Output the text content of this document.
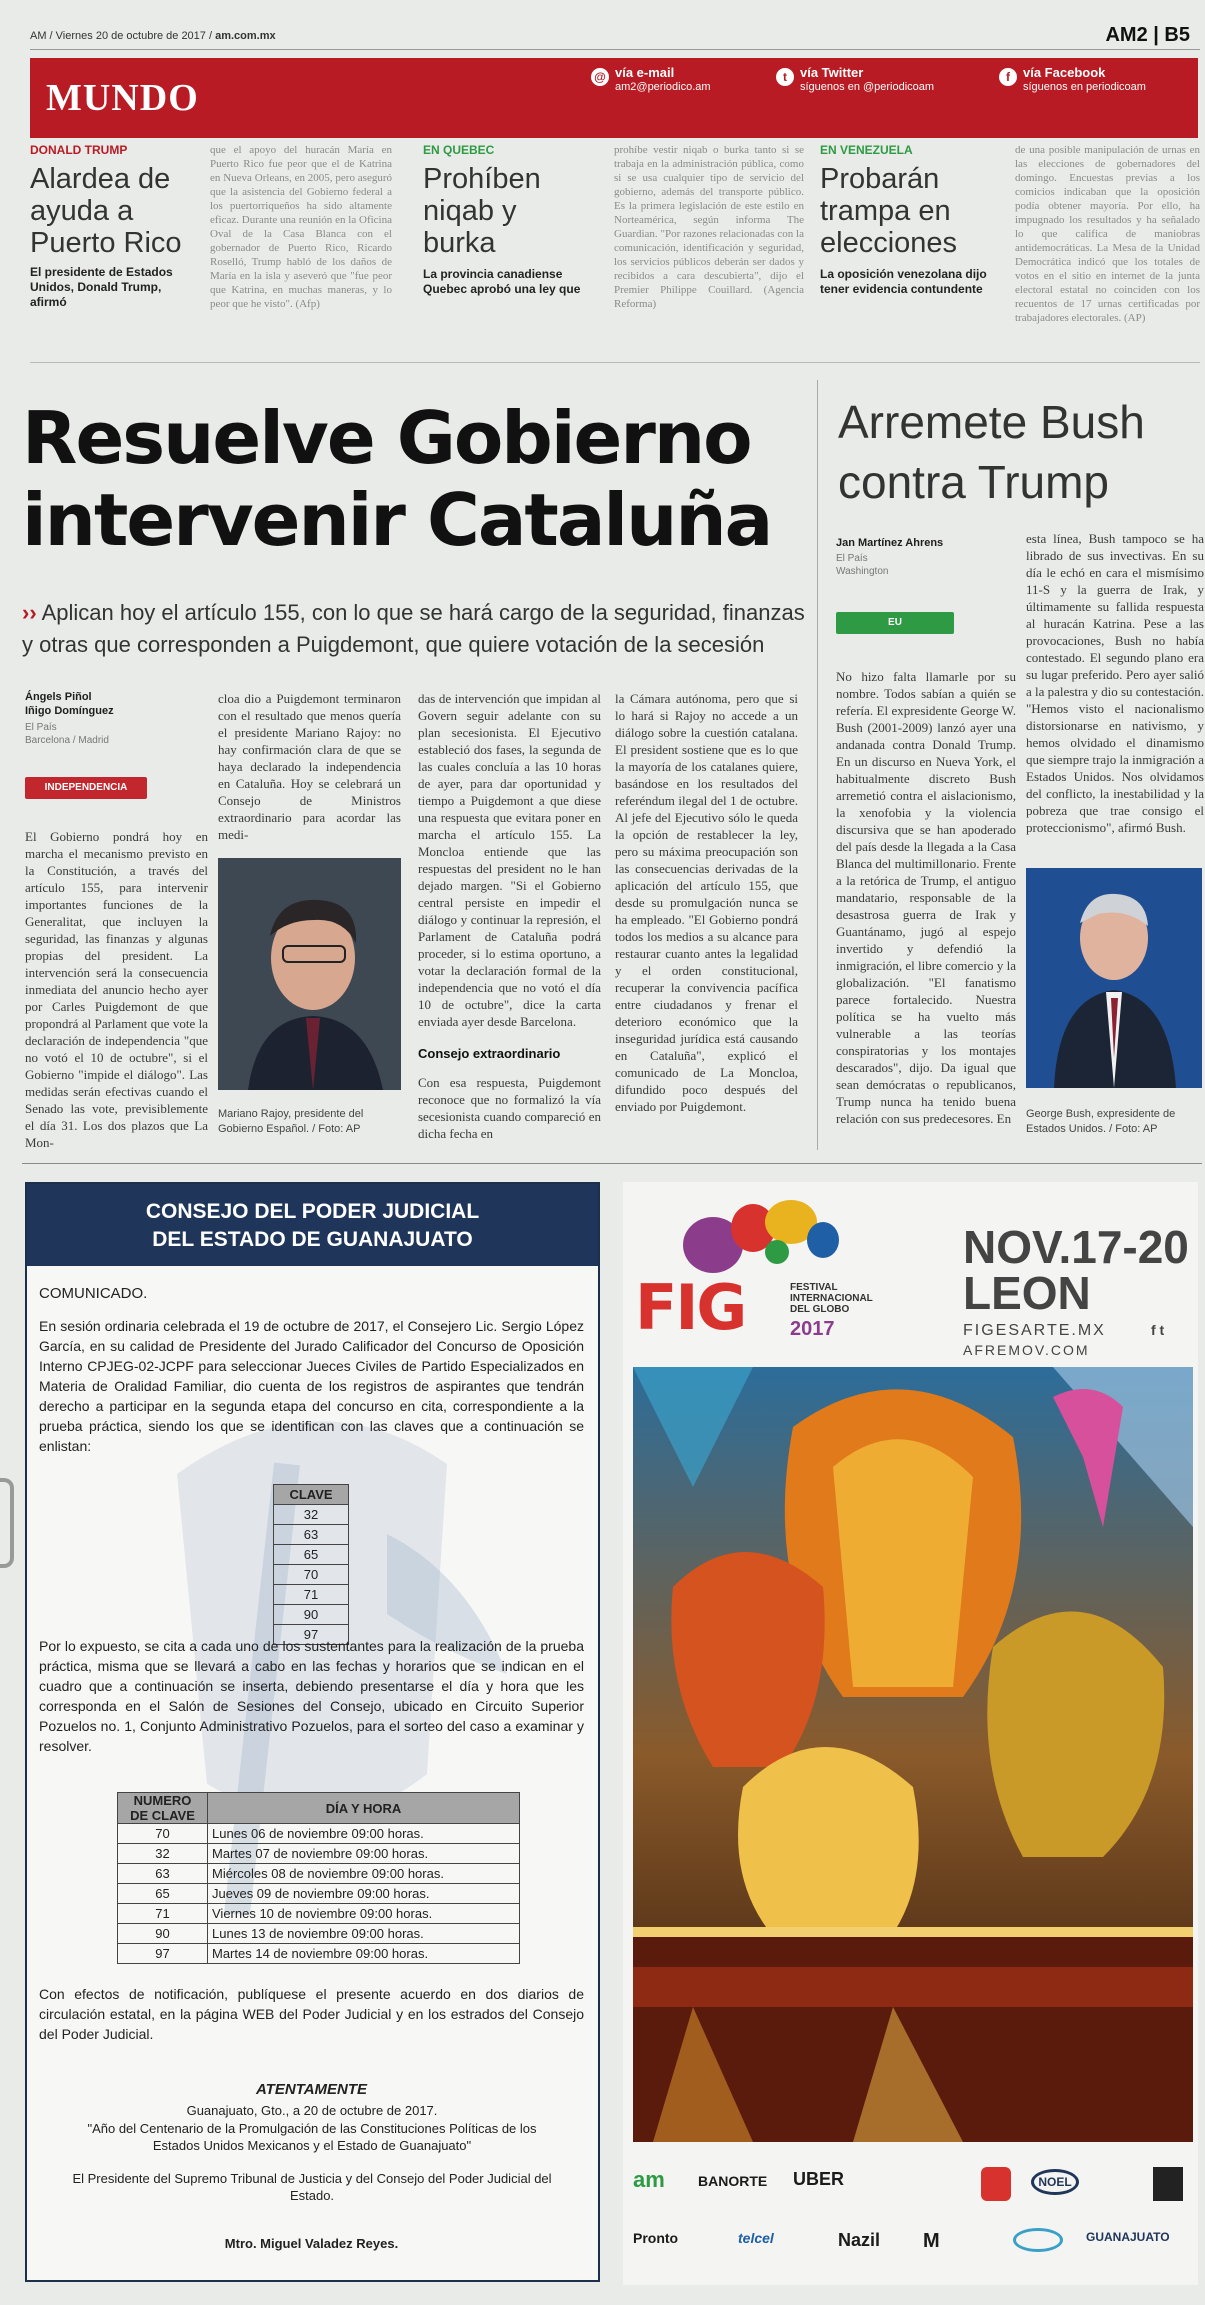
AM / Viernes 20 de octubre de 2017 / am.com.mx	AM2 | B5
MUNDO	@ vía e-mail
am2@periodico.am
t	vía Twitter
síguenos en @periodicoam
f	vía Facebook
síguenos en periodicoam
DONALD TRUMP
Alardea de ayuda a Puerto Rico
El presidente de Estados Unidos, Donald Trump, afirmó
que el apoyo del huracán María en Puerto Rico fue peor que el de Katrina en Nueva Orleans, en 2005, pero aseguró que la asistencia del Gobierno federal a los puertorriqueños ha sido altamente eficaz. Durante una reunión en la Oficina Oval de la Casa Blanca con el gobernador de Puerto Rico, Ricardo Roselló, Trump habló de los daños de María en la isla y aseveró que "fue peor que Katrina, en muchas maneras, y lo peor que he visto". (Afp)
EN QUEBEC
Prohíben niqab y burka
La provincia canadiense Quebec aprobó una ley que
prohíbe vestir niqab o burka tanto si se trabaja en la administración pública, como si se usa cualquier tipo de servicio del gobierno, además del transporte público. Es la primera legislación de este estilo en Norteamérica, según informa The Guardian. "Por razones relacionadas con la comunicación, identificación y seguridad, los servicios públicos deberán ser dados y recibidos a cara descubierta", dijo el Premier Philippe Couillard. (Agencia Reforma)
EN VENEZUELA
Probarán trampa en elecciones
La oposición venezolana dijo tener evidencia contundente
de una posible manipulación de urnas en las elecciones de gobernadores del domingo. Encuestas previas a los comicios indicaban que la oposición podía obtener mayoría. Por ello, ha impugnado los resultados y ha señalado lo que califica de maniobras antidemocráticas. La Mesa de la Unidad Democrática indicó que los totales de votos en el sitio en internet de la junta electoral estatal no coinciden con los recuentos de 17 urnas certificadas por trabajadores electorales. (AP)
Resuelve Gobierno intervenir Cataluña
›› Aplican hoy el artículo 155, con lo que se hará cargo de la seguridad, finanzas y otras que corresponden a Puigdemont, que quiere votación de la secesión
Ángels Piñol
Iñigo Domínguez
El País
Barcelona / Madrid
INDEPENDENCIA
El Gobierno pondrá hoy en marcha el mecanismo previsto en la Constitución, a través del artículo 155, para intervenir importantes funciones de la Generalitat, que incluyen la seguridad, las finanzas y algunas propias del president. La intervención será la consecuencia inmediata del anuncio hecho ayer por Carles Puigdemont de que propondrá al Parlament que vote la declaración de independencia "que no votó el 10 de octubre", si el Gobierno "impide el diálogo". Las medidas serán efectivas cuando el Senado las vote, previsiblemente el día 31. Los dos plazos que La Mon-
cloa dio a Puigdemont terminaron con el resultado que menos quería el presidente Mariano Rajoy: no hay confirmación clara de que se haya declarado la independencia en Cataluña. Hoy se celebrará un Consejo de Ministros extraordinario para acordar las medi-
Mariano Rajoy, presidente del Gobierno Español. / Foto: AP
das de intervención que impidan al Govern seguir adelante con su plan secesionista. El Ejecutivo estableció dos fases, la segunda de las cuales concluía a las 10 horas de ayer, para dar oportunidad y tiempo a Puigdemont a que diese una respuesta que evitara poner en marcha el artículo 155. La Moncloa entiende que las respuestas del president no le han dejado margen. "Si el Gobierno central persiste en impedir el diálogo y continuar la represión, el Parlament de Cataluña podrá proceder, si lo estima oportuno, a votar la declaración formal de la independencia que no votó el día 10 de octubre", dice la carta enviada ayer desde Barcelona.
Consejo extraordinario
Con esa respuesta, Puigdemont reconoce que no formalizó la vía secesionista cuando compareció en dicha fecha en
la Cámara autónoma, pero que si lo hará si Rajoy no accede a un diálogo sobre la cuestión catalana. El president sostiene que es lo que la mayoría de los catalanes quiere, basándose en los resultados del referéndum ilegal del 1 de octubre. Al jefe del Ejecutivo sólo le queda la opción de restablecer la ley, pero su máxima preocupación son las consecuencias derivadas de la aplicación del artículo 155, que desde su promulgación nunca se ha empleado. "El Gobierno pondrá todos los medios a su alcance para restaurar cuanto antes la legalidad y el orden constitucional, recuperar la convivencia pacífica entre ciudadanos y frenar el deterioro económico que la inseguridad jurídica está causando en Cataluña", explicó el comunicado de La Moncloa, difundido poco después del enviado por Puigdemont.
Arremete Bush contra Trump
Jan Martínez Ahrens
El País
Washington
EU
No hizo falta llamarle por su nombre. Todos sabían a quién se refería. El expresidente George W. Bush (2001-2009) lanzó ayer una andanada contra Donald Trump. En un discurso en Nueva York, el habitualmente discreto Bush arremetió contra el aislacionismo, la xenofobia y la violencia discursiva que se han apoderado del país desde la llegada a la Casa Blanca del multimillonario. Frente a la retórica de Trump, el antiguo mandatario, responsable de la desastrosa guerra de Irak y Guantánamo, jugó al espejo invertido y defendió la inmigración, el libre comercio y la globalización. "El fanatismo parece fortalecido. Nuestra política se ha vuelto más vulnerable a las teorías conspiratorias y los montajes descarados", dijo. Da igual que sean demócratas o republicanos, Trump nunca ha tenido buena relación con sus predecesores. En
esta línea, Bush tampoco se ha librado de sus invectivas. En su día le echó en cara el mismísimo 11-S y la guerra de Irak, y últimamente su fallida respuesta al huracán Katrina. Pese a las provocaciones, Bush no había contestado. El segundo plano era su lugar preferido. Pero ayer salió a la palestra y dio su contestación. "Hemos visto el nacionalismo distorsionarse en nativismo, y hemos olvidado el dinamismo que siempre trajo la inmigración a Estados Unidos. Nos olvidamos del conflicto, la inestabilidad y la pobreza que trae consigo el proteccionismo", afirmó Bush.
George Bush, expresidente de Estados Unidos. / Foto: AP
CONSEJO DEL PODER JUDICIAL
DEL ESTADO DE GUANAJUATO
COMUNICADO.
En sesión ordinaria celebrada el 19 de octubre de 2017, el Consejero Lic. Sergio López García, en su calidad de Presidente del Jurado Calificador del Concurso de Oposición Interno CPJEG-02-JCPF para seleccionar Jueces Civiles de Partido Especializados en Materia de Oralidad Familiar, dio cuenta de los registros de aspirantes que tendrán derecho a participar en la segunda etapa del concurso en cita, correspondiente a la prueba práctica, siendo los que se identifican con las claves que a continuación se enlistan:
CLAVE
32
63
65
70
71
90
97
Por lo expuesto, se cita a cada uno de los sustentantes para la realización de la prueba práctica, misma que se llevará a cabo en las fechas y horarios que se indican en el cuadro que a continuación se inserta, debiendo presentarse el día y hora que les corresponda en el Salón de Sesiones del Consejo, ubicado en Circuito Superior Pozuelos no. 1, Conjunto Administrativo Pozuelos, para el sorteo del caso a examinar y resolver.
NUMERO
DE CLAVE	DÍA Y HORA
70	Lunes 06 de noviembre 09:00 horas.
32	Martes 07 de noviembre 09:00 horas.
63	Miércoles 08 de noviembre 09:00 horas.
65	Jueves 09 de noviembre 09:00 horas.
71	Viernes 10 de noviembre 09:00 horas.
90	Lunes 13 de noviembre 09:00 horas.
97	Martes 14 de noviembre 09:00 horas.
Con efectos de notificación, publíquese el presente acuerdo en dos diarios de circulación estatal, en la página WEB del Poder Judicial y en los estrados del Consejo del Poder Judicial.
ATENTAMENTE
Guanajuato, Gto., a 20 de octubre de 2017.
"Año del Centenario de la Promulgación de las Constituciones Políticas de los Estados Unidos Mexicanos y el Estado de Guanajuato"
El Presidente del Supremo Tribunal de Justicia y del Consejo del Poder Judicial del Estado.
Mtro. Miguel Valadez Reyes.
FIG	FESTIVAL
INTERNACIONAL
DEL GLOBO
2017
NOV.17-20
LEON
FIGESARTE.MX	f t
AFREMOV.COM
am BANORTE UBER	NOEL
Pronto	telcel	Nazil M	GUANAJUATO
